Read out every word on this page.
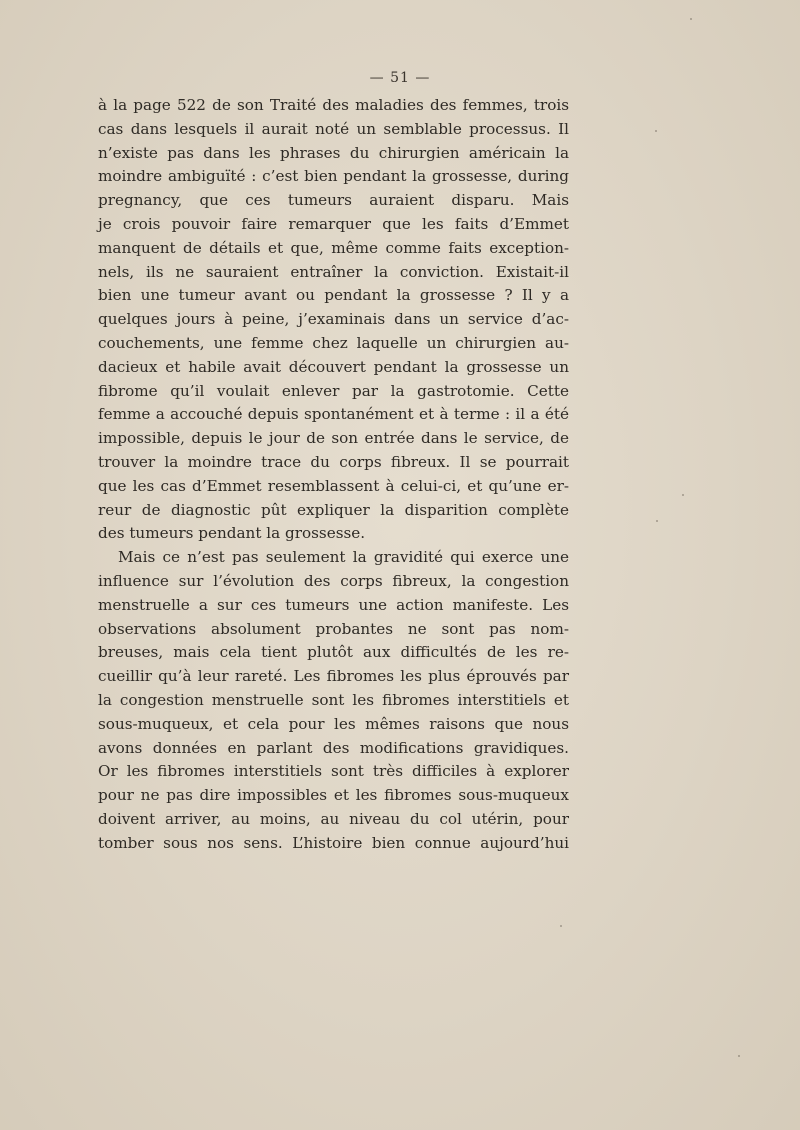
— 51 —
à la page 522 de son Traité des maladies des femmes, trois
cas dans lesquels il aurait noté un semblable processus. Il
n’existe pas dans les phrases du chirurgien américain la
moindre ambiguïté : c’est bien pendant la grossesse, during
pregnancy, que ces tumeurs auraient disparu. Mais
je crois pouvoir faire remarquer que les faits d’Emmet
manquent de détails et que, même comme faits exception-
nels, ils ne sauraient entraîner la conviction. Existait-il
bien une tumeur avant ou pendant la grossesse ? Il y a
quelques jours à peine, j’examinais dans un service d’ac-
couchements, une femme chez laquelle un chirurgien au-
dacieux et habile avait découvert pendant la grossesse un
fibrome qu’il voulait enlever par la gastrotomie. Cette
femme a accouché depuis spontanément et à terme : il a été
impossible, depuis le jour de son entrée dans le service, de
trouver la moindre trace du corps fibreux. Il se pourrait
que les cas d’Emmet resemblassent à celui-ci, et qu’une er-
reur de diagnostic pût expliquer la disparition complète
des tumeurs pendant la grossesse.
Mais ce n’est pas seulement la gravidité qui exerce une
influence sur l’évolution des corps fibreux, la congestion
menstruelle a sur ces tumeurs une action manifeste. Les
observations absolument probantes ne sont pas nom-
breuses, mais cela tient plutôt aux difficultés de les re-
cueillir qu’à leur rareté. Les fibromes les plus éprouvés par
la congestion menstruelle sont les fibromes interstitiels et
sous-muqueux, et cela pour les mêmes raisons que nous
avons données en parlant des modifications gravidiques.
Or les fibromes interstitiels sont très difficiles à explorer
pour ne pas dire impossibles et les fibromes sous-muqueux
doivent arriver, au moins, au niveau du col utérin, pour
tomber sous nos sens. L’histoire bien connue aujourd’hui
